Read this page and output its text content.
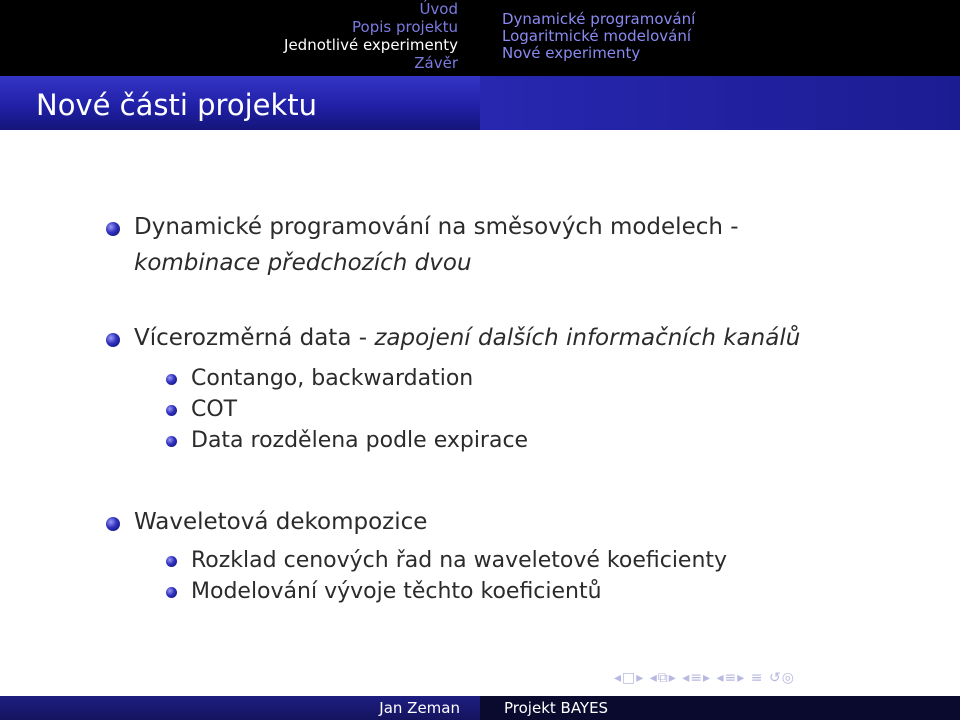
Úvod
Popis projektu
Jednotlivé experimenty
Závěr
Dynamické programování
Logaritmické modelování
Nové experimenty
Nové části projektu
Dynamické programování na směsových modelech -
kombinace předchozích dvou
Vícerozměrná data - zapojení dalších informačních kanálů
Contango, backwardation
COT
Data rozdělena podle expirace
Waveletová dekompozice
Rozklad cenových řad na waveletové koeficienty
Modelování vývoje těchto koeficientů
◂□▸ ◂⧉▸ ◂≡▸ ◂≡▸ ≡ ↺◎
Jan Zeman	Projekt BAYES
